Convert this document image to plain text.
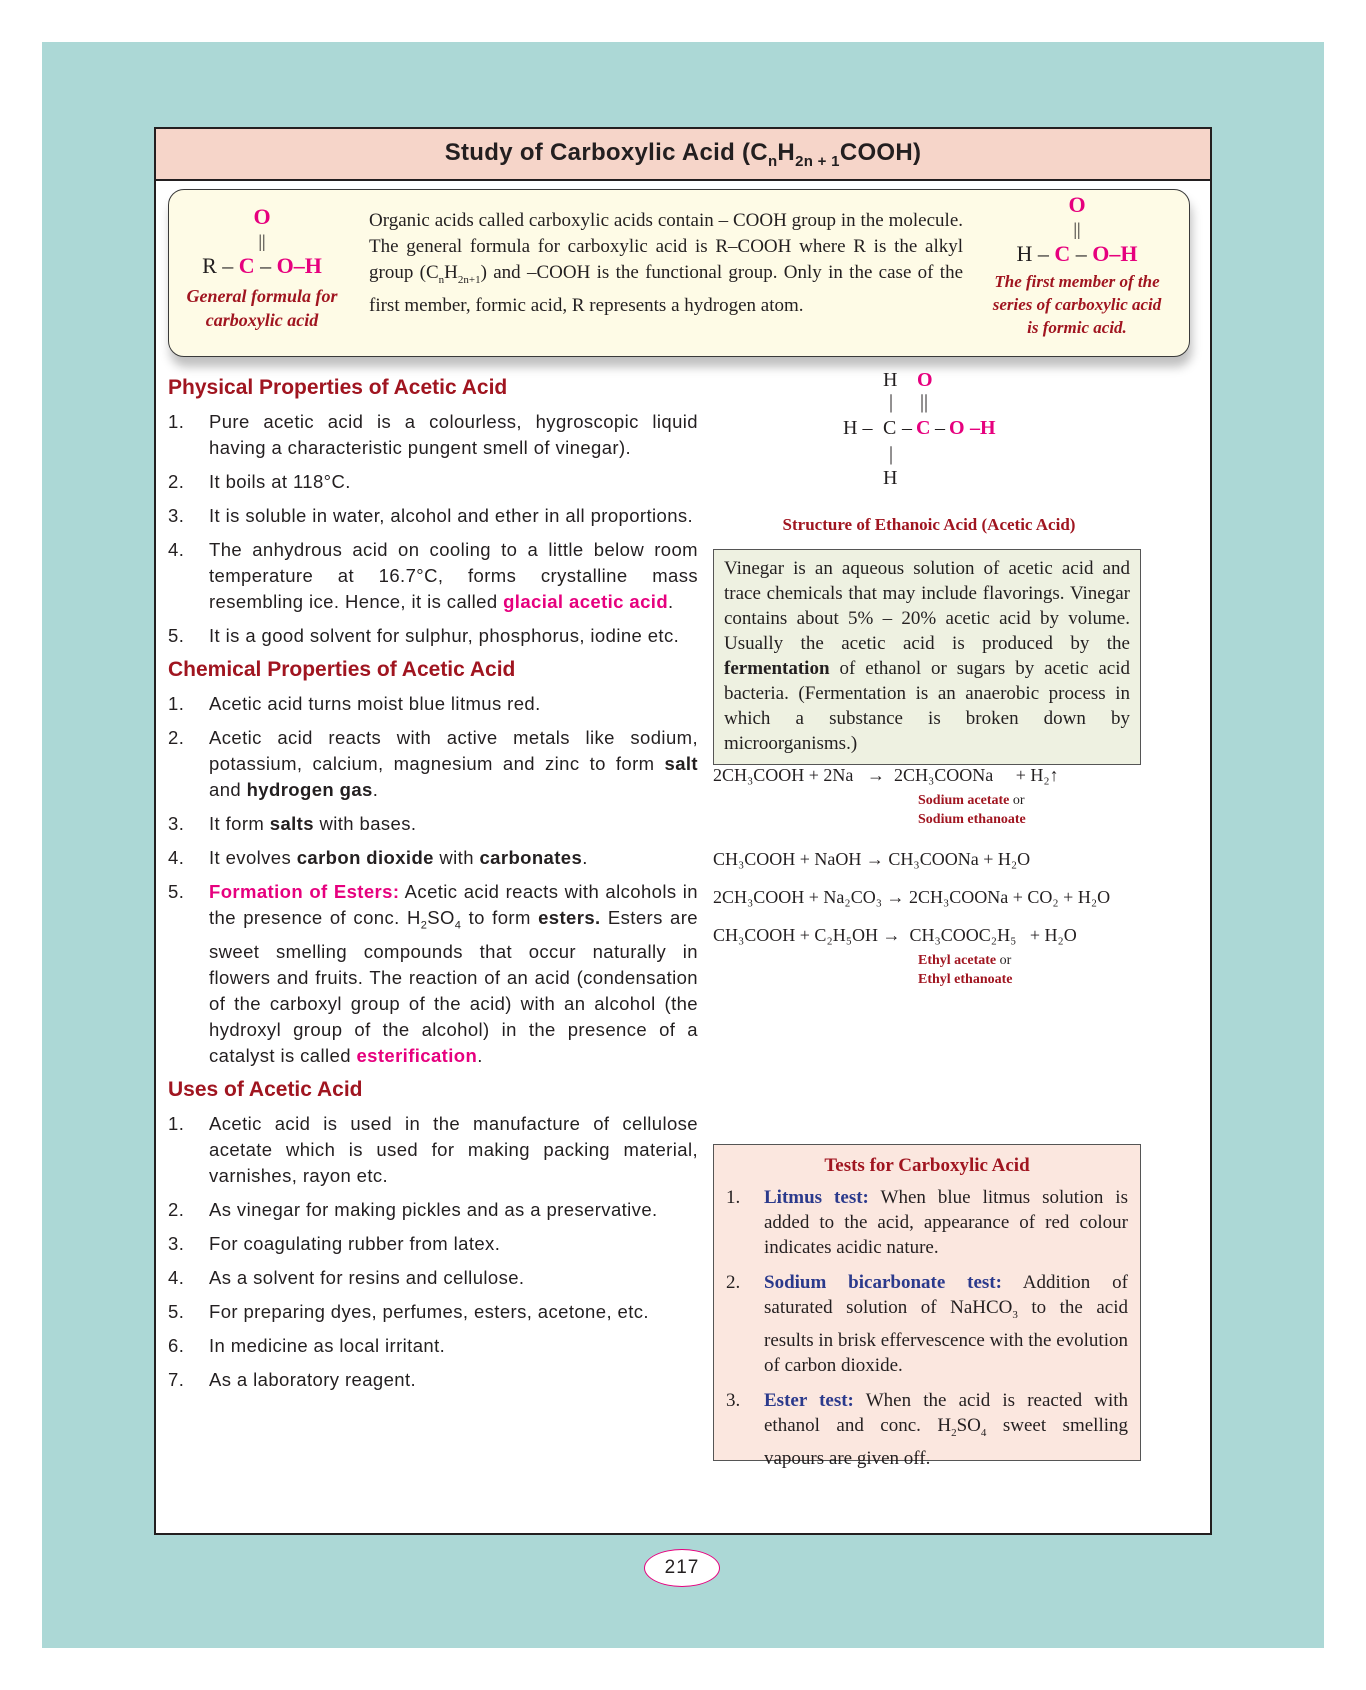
Study of Carboxylic Acid $(C_nH_{2n + 1}COOH)$
O
||
R – C – O–H
General formula for
carboxylic acid
Organic acids called carboxylic acids contain – COOH group in the molecule. The general formula for carboxylic acid is R–COOH where R is the alkyl group $(C_nH_{2n+1})$ and –COOH is the functional group. Only in the case of the first member, formic acid, R represents a hydrogen atom.
O
||
H – C – O–H
The first member of the
series of carboxylic acid
is formic acid.
Physical Properties of Acetic Acid
1. Pure acetic acid is a colourless, hygroscopic liquid having a characteristic pungent smell of vinegar).
2. It boils at 118°C.
3. It is soluble in water, alcohol and ether in all proportions.
4. The anhydrous acid on cooling to a little below room temperature at 16.7°C, forms crystalline mass resembling ice. Hence, it is called glacial acetic acid.
5. It is a good solvent for sulphur, phosphorus, iodine etc.
Chemical Properties of Acetic Acid
1. Acetic acid turns moist blue litmus red.
2. Acetic acid reacts with active metals like sodium, potassium, calcium, magnesium and zinc to form salt and hydrogen gas.
3. It form salts with bases.
4. It evolves carbon dioxide with carbonates.
5. Formation of Esters: Acetic acid reacts with alcohols in the presence of conc. $H_2SO_4$ to form esters. Esters are sweet smelling compounds that occur naturally in flowers and fruits. The reaction of an acid (condensation of the carboxyl group of the acid) with an alcohol (the hydroxyl group of the alcohol) in the presence of a catalyst is called esterification.
Uses of Acetic Acid
1. Acetic acid is used in the manufacture of cellulose acetate which is used for making packing material, varnishes, rayon etc.
2. As vinegar for making pickles and as a preservative.
3. For coagulating rubber from latex.
4. As a solvent for resins and cellulose.
5. For preparing dyes, perfumes, esters, acetone, etc.
6. In medicine as local irritant.
7. As a laboratory reagent.
H O
| ||
H – C – C – O –H
|
H
Structure of Ethanoic Acid (Acetic Acid)
Vinegar is an aqueous solution of acetic acid and trace chemicals that may include flavorings. Vinegar contains about 5% – 20% acetic acid by volume. Usually the acetic acid is produced by the fermentation of ethanol or sugars by acetic acid bacteria. (Fermentation is an anaerobic process in which a substance is broken down by microorganisms.)
2CH₃COOH + 2Na → 2CH₃COONa + H₂↑
Sodium acetate or
Sodium ethanoate
CH₃COOH + NaOH → CH₃COONa + H₂O
2CH₃COOH + Na₂CO₃ → 2CH₃COONa + CO₂ + H₂O
CH₃COOH + C₂H₅OH → CH₃COOC₂H₅ + H₂O
Ethyl acetate or
Ethyl ethanoate
Tests for Carboxylic Acid
1. Litmus test: When blue litmus solution is added to the acid, appearance of red colour indicates acidic nature.
2. Sodium bicarbonate test: Addition of saturated solution of NaHCO$_3$ to the acid results in brisk effervescence with the evolution of carbon dioxide.
3. Ester test: When the acid is reacted with ethanol and conc. $H_2SO_4$ sweet smelling vapours are given off.
217
